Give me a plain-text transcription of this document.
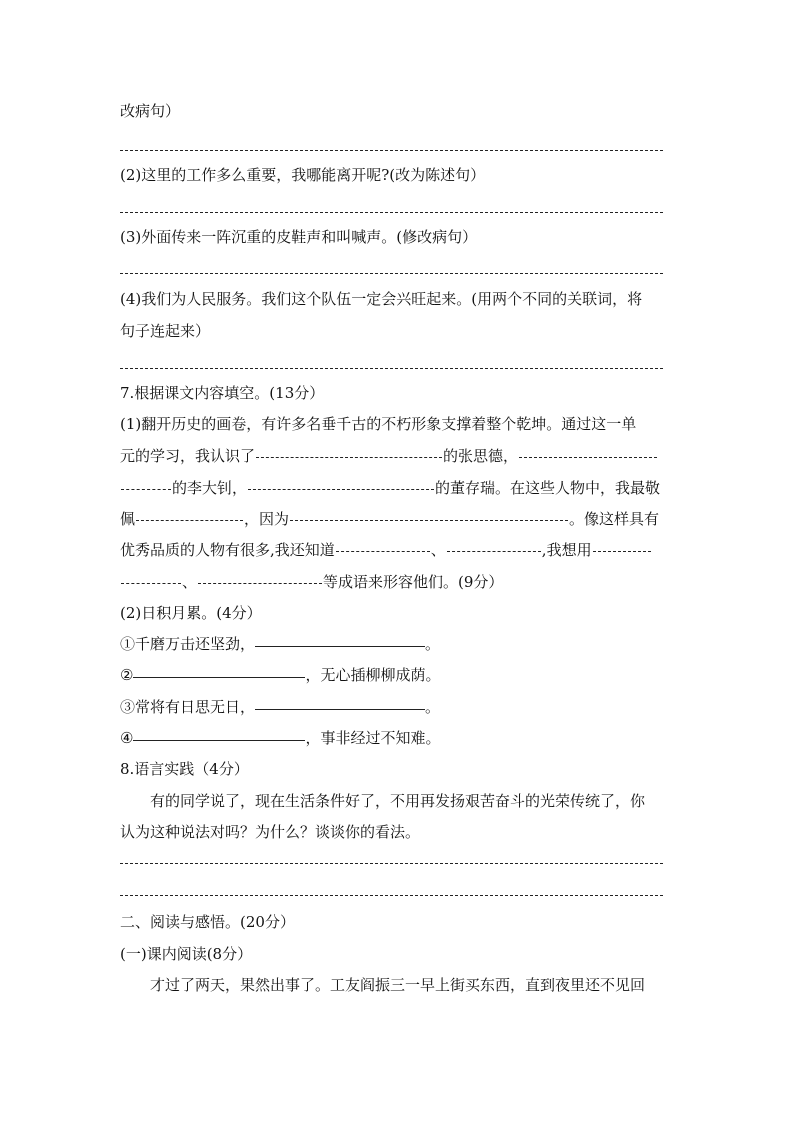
改病句）
(2)这里的工作多么重要，我哪能离开呢?(改为陈述句）
(3)外面传来一阵沉重的皮鞋声和叫喊声。(修改病句）
(4)我们为人民服务。我们这个队伍一定会兴旺起来。(用两个不同的关联词，将
句子连起来）
7.根据课文内容填空。(13分）
(1)翻开历史的画卷，有许多名垂千古的不朽形象支撑着整个乾坤。通过这一单
元的学习，我认识了	的张思德，
的李大钊，	的董存瑞。在这些人物中，我最敬
佩	，因为	。像这样具有
优秀品质的人物有很多,我还知道	、	,我想用
、	等成语来形容他们。(9分）
(2)日积月累。(4分）
①千磨万击还坚劲，	。
②	，无心插柳柳成荫。
③常将有日思无日，	。
④	，事非经过不知难。
8.语言实践（4分）
有的同学说了，现在生活条件好了，不用再发扬艰苦奋斗的光荣传统了，你
认为这种说法对吗？为什么？谈谈你的看法。
二、阅读与感悟。(20分）
(一)课内阅读(8分）
才过了两天，果然出事了。工友阎振三一早上街买东西，直到夜里还不见回
